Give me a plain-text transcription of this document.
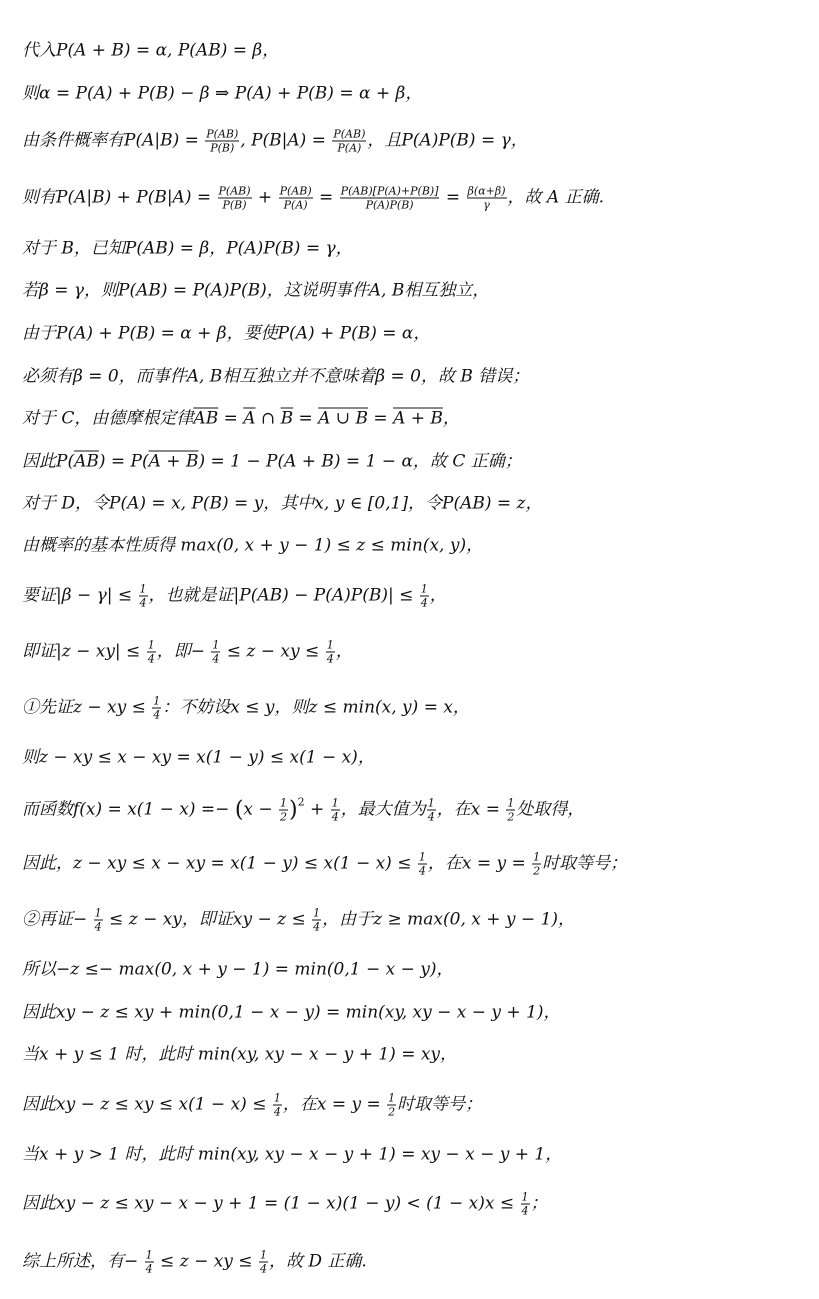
代入P(A + B) = α, P(AB) = β，
则α = P(A) + P(B) − β ⇒ P(A) + P(B) = α + β，
由条件概率有$P(A|B) = \frac{P(AB)}{P(B)}$ , $P(B|A) = \frac{P(AB)}{P(A)}$ ，且P(A)P(B) = γ，
则有$P(A|B) + P(B|A) = \frac{P(AB)}{P(B)} + \frac{P(AB)}{P(A)} = \frac{P(AB)[P(A)+P(B)]}{P(A)P(B)} = \frac{\beta(\alpha+\beta)}{\gamma}$ ，故 A 正确.
对于 B，已知P(AB) = β，P(A)P(B) = γ，
若β = γ，则P(AB) = P(A)P(B)，这说明事件A, B相互独立，
由于P(A) + P(B) = α + β，要使P(A) + P(B) = α，
必须有β = 0，而事件A, B相互独立并不意味着β = 0，故 B 错误；
对于 C，由德摩根定律$\overline{AB} = \overline{A}$ ∩ $\overline{B} = A$ ∪ B = A + B，
因此$P(\overline{AB}) = P(A + B) = 1 - P(A + B) = 1 - \alpha$，故 C 正确；
对于 D，令P(A) = x, P(B) = y，其中x, y ∈ [0,1]，令P(AB) = z，
由概率的基本性质得 max(0, x + y − 1) ≤ z ≤ min(x, y)，
要证$|\beta - \gamma| \le \frac{1}{4}$ ，也就是证$|P(AB) - P(A)P(B)| \le \frac{1}{4}$ ，
即证$|z - xy| \le \frac{1}{4}$ ，即− $\frac{1}{4} \le z$ − xy ≤ $\frac{1}{4}$ ，
①先证z − xy ≤ $\frac{1}{4}$ ：不妨设x ≤ y，则z ≤ min(x, y) = x，
则z − xy ≤ x − xy = x(1 − y) ≤ x(1 − x)，
而函数$f(x) = x(1 - x) =- (x - \frac{1}{2} )^2 + \frac{1}{4}$ ，最大值为 $\frac{1}{4}$ ，在$x = \frac{1}{2}$ 处取得，
因此，z − xy ≤ x − xy = $x(1 - y) \le x(1 - x) \le \frac{1}{4}$ ，在$x = y = \frac{1}{2}$ 时取等号；
②再证− $\frac{1}{4} \le z$ − xy，即证xy − $z \le \frac{1}{4}$ ，由于z ≥ max(0, x + y − 1)，
所以−z ≤− max(0, x + y − 1) = min(0,1 − x − y)，
因此xy − z ≤ xy + min(0,1 − x − y) = min(xy, xy − x − y + 1)，
当x + y ≤ 1 时，此时 min(xy, xy − x − y + 1) = xy，
因此xy − z ≤ xy ≤ $x(1 - x) \le \frac{1}{4}$ ，在$x = y = \frac{1}{2}$ 时取等号；
当x + y > 1 时，此时 min(xy, xy − x − y + 1) = xy − x − y + 1，
因此xy − z ≤ xy − $x - y + 1 = (1 - x)(1 - y) < (1 - x)x \le \frac{1}{4}$ ；
综上所述，有− $\frac{1}{4} \le z$ − xy ≤ $\frac{1}{4}$ ，故 D 正确.
